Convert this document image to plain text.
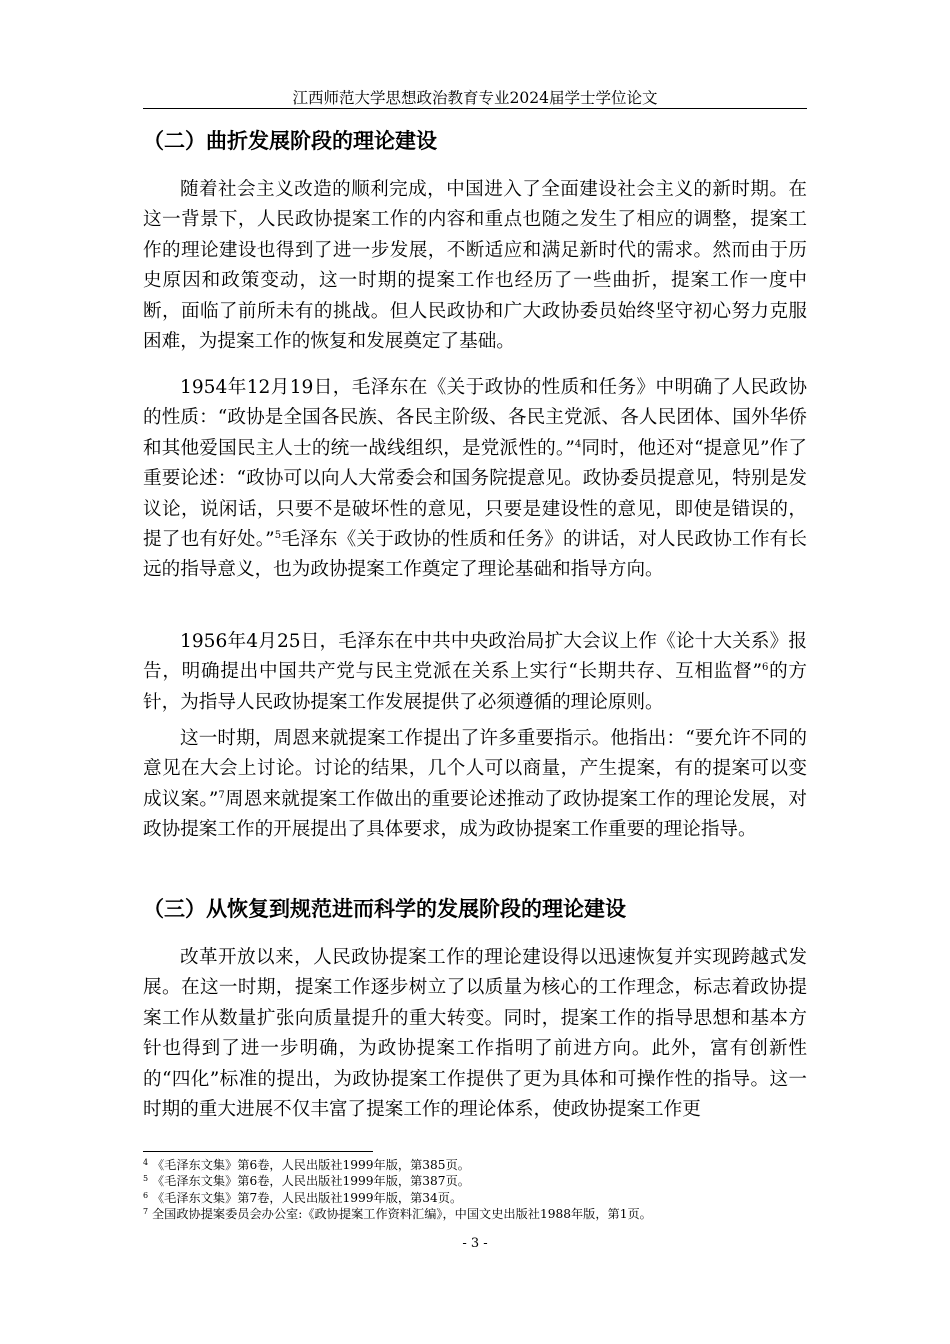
江西师范大学思想政治教育专业2024届学士学位论文
（二）曲折发展阶段的理论建设

随着社会主义改造的顺利完成，中国进入了全面建设社会主义的新时期。在这一背景下，人民政协提案工作的内容和重点也随之发生了相应的调整，提案工作的理论建设也得到了进一步发展，不断适应和满足新时代的需求。然而由于历史原因和政策变动，这一时期的提案工作也经历了一些曲折，提案工作一度中断，面临了前所未有的挑战。但人民政协和广大政协委员始终坚守初心努力克服困难，为提案工作的恢复和发展奠定了基础。

1954年12月19日，毛泽东在《关于政协的性质和任务》中明确了人民政协的性质：“政协是全国各民族、各民主阶级、各民主党派、各人民团体、国外华侨和其他爱国民主人士的统一战线组织，是党派性的。”$^4$同时，他还对“提意见”作了重要论述：“政协可以向人大常委会和国务院提意见。政协委员提意见，特别是发议论，说闲话，只要不是破坏性的意见，只要是建设性的意见，即使是错误的，提了也有好处。”$^5$毛泽东《关于政协的性质和任务》的讲话，对人民政协工作有长远的指导意义，也为政协提案工作奠定了理论基础和指导方向。

1956年4月25日，毛泽东在中共中央政治局扩大会议上作《论十大关系》报告，明确提出中国共产党与民主党派在关系上实行“长期共存、互相监督”$^6$的方针，为指导人民政协提案工作发展提供了必须遵循的理论原则。

这一时期，周恩来就提案工作提出了许多重要指示。他指出：“要允许不同的意见在大会上讨论。讨论的结果，几个人可以商量，产生提案，有的提案可以变成议案。”$^7$周恩来就提案工作做出的重要论述推动了政协提案工作的理论发展，对政协提案工作的开展提出了具体要求，成为政协提案工作重要的理论指导。

（三）从恢复到规范进而科学的发展阶段的理论建设

改革开放以来，人民政协提案工作的理论建设得以迅速恢复并实现跨越式发展。在这一时期，提案工作逐步树立了以质量为核心的工作理念，标志着政协提案工作从数量扩张向质量提升的重大转变。同时，提案工作的指导思想和基本方针也得到了进一步明确，为政协提案工作指明了前进方向。此外，富有创新性的“四化”标准的提出，为政协提案工作提供了更为具体和可操作性的指导。这一时期的重大进展不仅丰富了提案工作的理论体系，使政协提案工作更

$^4$ 《毛泽东文集》第6卷，人民出版社1999年版，第385页。
$^5$ 《毛泽东文集》第6卷，人民出版社1999年版，第387页。
$^6$ 《毛泽东文集》第7卷，人民出版社1999年版，第34页。
$^7$ 全国政协提案委员会办公室:《政协提案工作资料汇编》，中国文史出版社1988年版，第1页。
- 3 -
